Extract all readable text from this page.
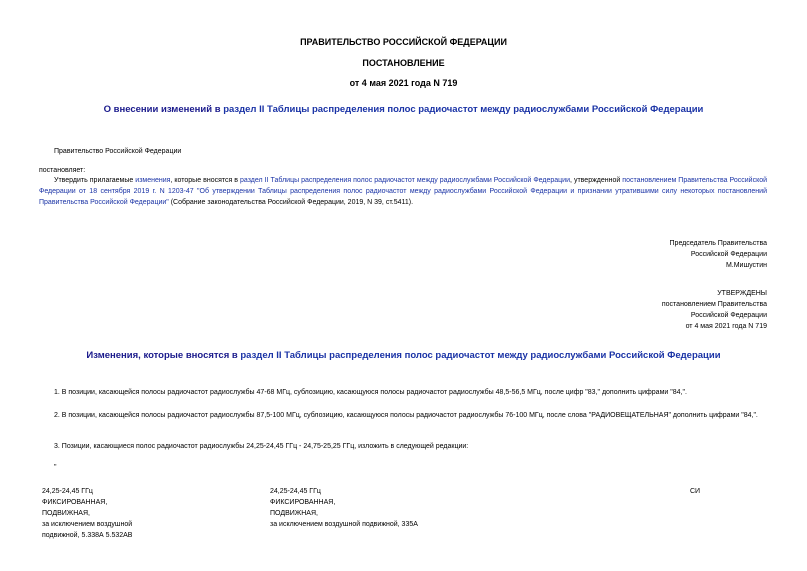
ПРАВИТЕЛЬСТВО РОССИЙСКОЙ ФЕДЕРАЦИИ
ПОСТАНОВЛЕНИЕ
от 4 мая 2021 года N 719
О внесении изменений в раздел II Таблицы распределения полос радиочастот между радиослужбами Российской Федерации
Правительство Российской Федерации
постановляет:
Утвердить прилагаемые изменения, которые вносятся в раздел II Таблицы распределения полос радиочастот между радиослужбами Российской Федерации, утвержденной постановлением Правительства Российской Федерации от 18 сентября 2019 г. N 1203-47 "Об утверждении Таблицы распределения полос радиочастот между радиослужбами Российской Федерации и признании утратившими силу некоторых постановлений Правительства Российской Федерации" (Собрание законодательства Российской Федерации, 2019, N 39, ст.5411).
Председатель Правительства
Российской Федерации
М.Мишустин
УТВЕРЖДЕНЫ
постановлением Правительства
Российской Федерации
от 4 мая 2021 года N 719
Изменения, которые вносятся в раздел II Таблицы распределения полос радиочастот между радиослужбами Российской Федерации
1. В позиции, касающейся полосы радиочастот радиослужбы 47-68 МГц, сублозицию, касающуюся полосы радиочастот радиослужбы 48,5-56,5 МГц, после цифр "83," дополнить цифрами "84,".
2. В позиции, касающейся полосы радиочастот радиослужбы 87,5-100 МГц, сублозицию, касающуюся полосы радиочастот радиослужбы 76-100 МГц, после слова "РАДИОВЕЩАТЕЛЬНАЯ" дополнить цифрами "84,".
3. Позиции, касающиеся полос радиочастот радиослужбы 24,25-24,45 ГГц - 24,75-25,25 ГГц, изложить в следующей редакции:
"
24,25-24,45 ГГц
ФИКСИРОВАННАЯ,
ПОДВИЖНАЯ,
за исключением воздушной
подвижной, 5.338А 5.532АВ
24,25-24,45 ГГц
ФИКСИРОВАННАЯ,
ПОДВИЖНАЯ,
за исключением воздушной подвижной, 335А
СИ
